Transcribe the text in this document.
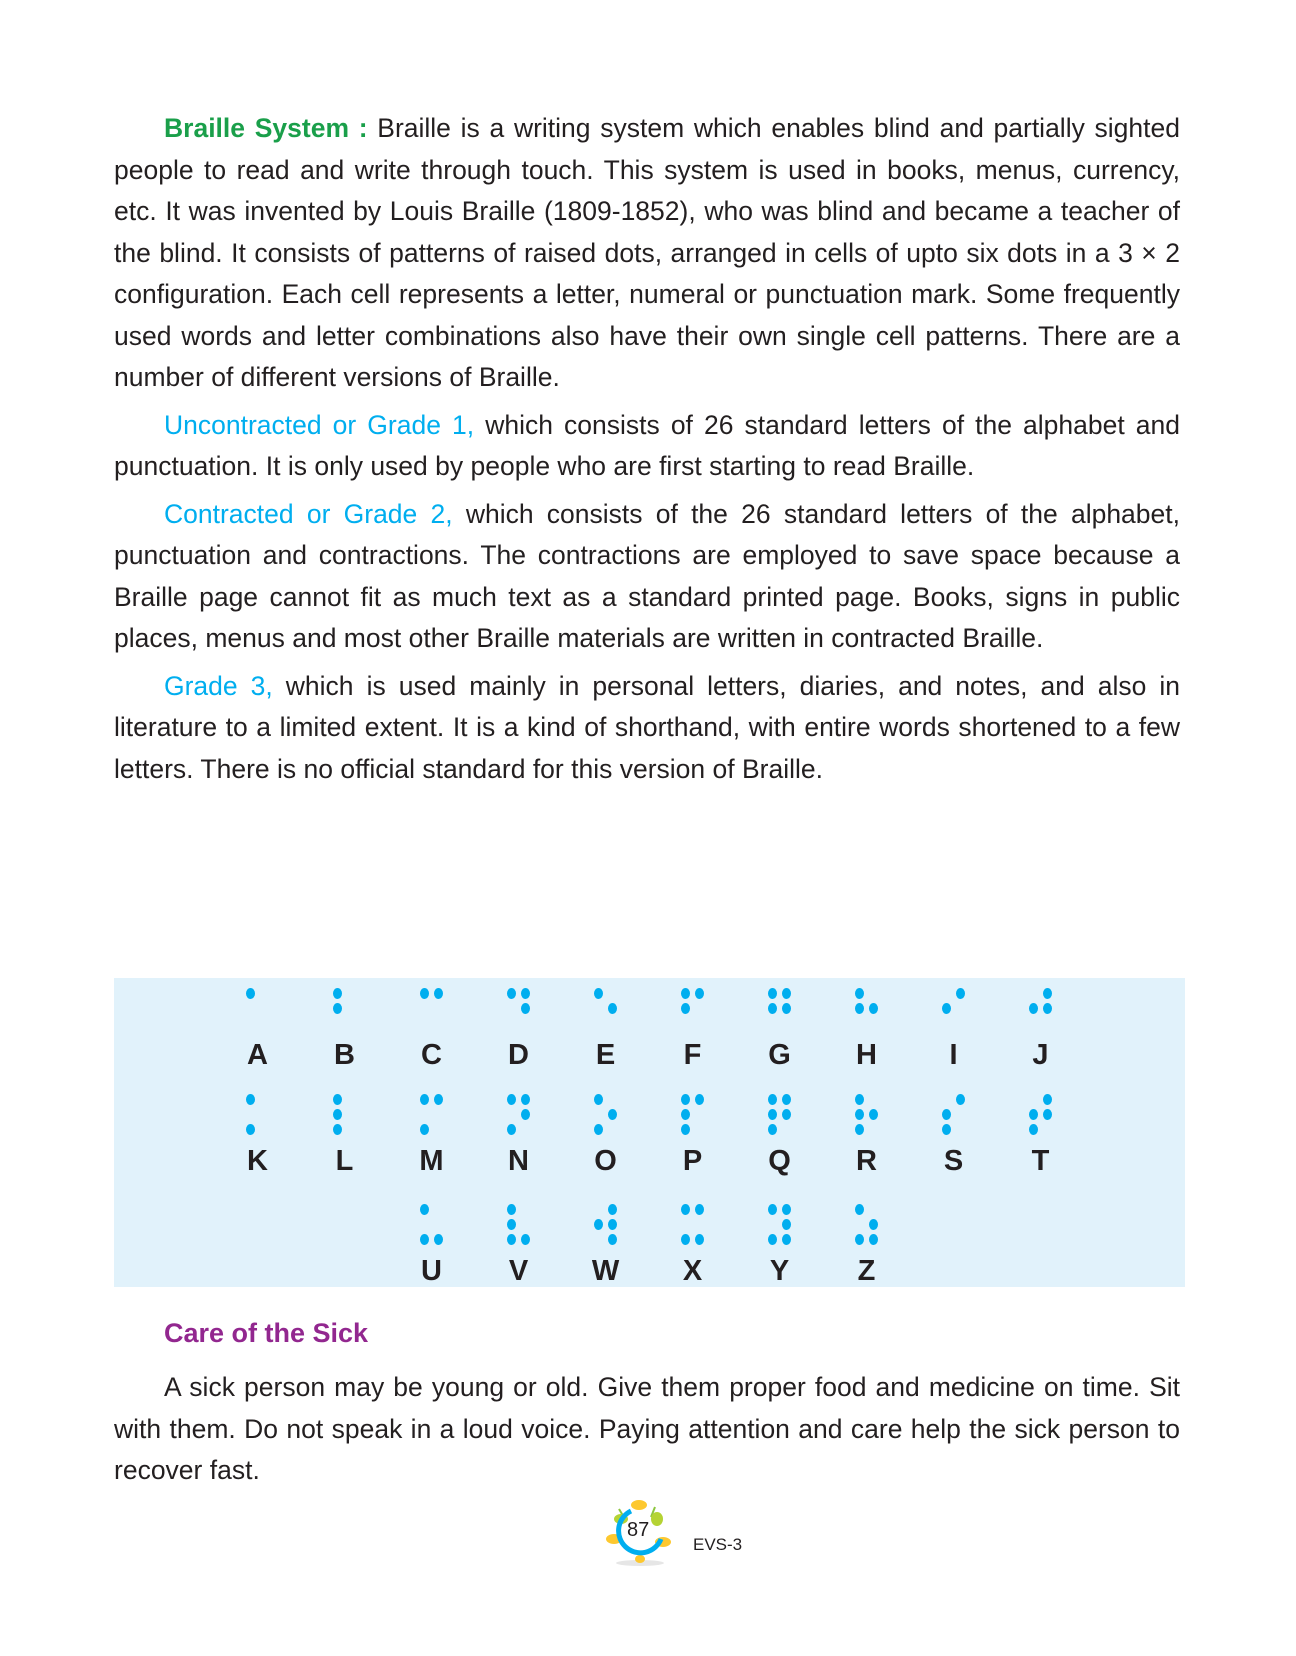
Braille System : Braille is a writing system which enables blind and partially sighted people to read and write through touch. This system is used in books, menus, currency, etc. It was invented by Louis Braille (1809-1852), who was blind and became a teacher of the blind. It consists of patterns of raised dots, arranged in cells of upto six dots in a 3 × 2 configuration. Each cell represents a letter, numeral or punctuation mark. Some frequently used words and letter combinations also have their own single cell patterns. There are a number of different versions of Braille.

Uncontracted or Grade 1, which consists of 26 standard letters of the alphabet and punctuation. It is only used by people who are first starting to read Braille.

Contracted or Grade 2, which consists of the 26 standard letters of the alphabet, punctuation and contractions. The contractions are employed to save space because a Braille page cannot fit as much text as a standard printed page. Books, signs in public places, menus and most other Braille materials are written in contracted Braille.

Grade 3, which is used mainly in personal letters, diaries, and notes, and also in literature to a limited extent. It is a kind of shorthand, with entire words shortened to a few letters. There is no official standard for this version of Braille.

A B C D E F G H	I	J
K L M N O P Q R S T
U V W X Y Z
Care of the Sick

A sick person may be young or old. Give them proper food and medicine on time. Sit with them. Do not speak in a loud voice. Paying attention and care help the sick person to recover fast.

87
EVS-3
